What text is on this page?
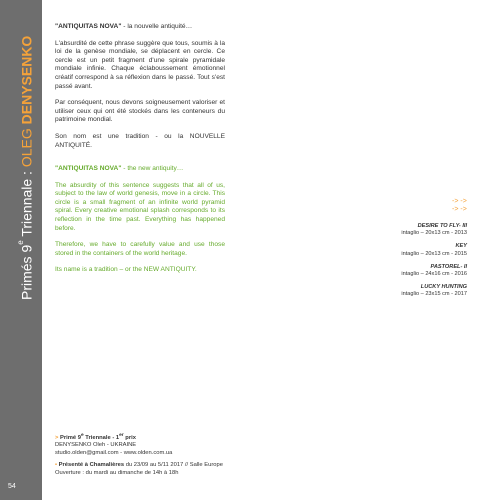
Primés 9e Triennale : OLEG DENYSENKO
54

"ANTIQUITAS NOVA" - la nouvelle antiquité…

L'absurdité de cette phrase suggère que tous, soumis à la loi de la genèse mondiale, se déplacent en cercle. Ce cercle est un petit fragment d'une spirale pyramidale mondiale infinie. Chaque éclaboussement émotionnel créatif correspond à sa réflexion dans le passé. Tout s'est passé avant.

Par conséquent, nous devons soigneusement valoriser et utiliser ceux qui ont été stockés dans les conteneurs du patrimoine mondial.

Son nom est une tradition - ou la NOUVELLE ANTIQUITÉ.

"ANTIQUITAS NOVA" - the new antiquity…

The absurdity of this sentence suggests that all of us, subject to the law of world genesis, move in a circle. This circle is a small fragment of an infinite world pyramid spiral. Every creative emotional splash corresponds to its reflection in the time past. Everything has happened before.

Therefore, we have to carefully value and use those stored in the containers of the world heritage.

Its name is a tradition – or the NEW ANTIQUITY.

-> ->
-> ->
DESIRE TO FLY- III
intaglio – 20x13 cm - 2013
KEY
intaglio – 20x13 cm - 2015
PASTOREL- II
intaglio – 24x16 cm - 2016
LUCKY HUNTING
intaglio – 23x15 cm - 2017
> Primé 9e Triennale - 1er prix
DENYSENKO Oleh - UKRAINE
studio.olden@gmail.com - www.olden.com.ua
• Présenté à Chamalières du 23/09 au 5/11 2017 // Salle Europe
Ouverture : du mardi au dimanche de 14h à 18h
